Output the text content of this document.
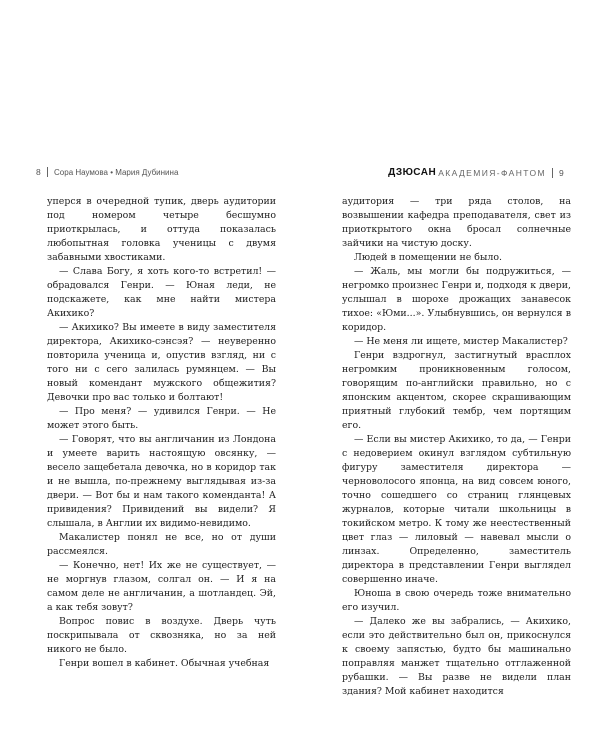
8 Сора Наумова • Мария Дубинина

уперся в очередной тупик, дверь аудитории под номером четыре бесшумно приоткрылась, и оттуда показалась любопытная головка ученицы с двумя забавными хвостиками.

— Слава Богу, я хоть кого-то встретил! — обрадовался Генри. — Юная леди, не подскажете, как мне найти мистера Акихико?

— Акихико? Вы имеете в виду заместителя директора, Акихико-сэнсэя? — неуверенно повторила ученица и, опустив взгляд, ни с того ни с сего залилась румянцем. — Вы новый комендант мужского общежития? Девочки про вас только и болтают!

— Про меня? — удивился Генри. — Не может этого быть.

— Говорят, что вы англичанин из Лондона и умеете варить настоящую овсянку, — весело защебетала девочка, но в коридор так и не вышла, по-прежнему выглядывая из-за двери. — Вот бы и нам такого коменданта! А привидения? Привидений вы видели? Я слышала, в Англии их видимо-невидимо.

Макалистер понял не все, но от души рассмеялся.

— Конечно, нет! Их же не существует, — не моргнув глазом, солгал он. — И я на самом деле не англичанин, а шотландец. Эй, а как тебя зовут?

Вопрос повис в воздухе. Дверь чуть поскрипывала от сквозняка, но за ней никого не было.

Генри вошел в кабинет. Обычная учебная

ДЗЮСАН АКАДЕМИЯ-ФАНТОМ 9

аудитория — три ряда столов, на возвышении кафедра преподавателя, свет из приоткрытого окна бросал солнечные зайчики на чистую доску.

Людей в помещении не было.

— Жаль, мы могли бы подружиться, — негромко произнес Генри и, подходя к двери, услышал в шорохе дрожащих занавесок тихое: «Юми...». Улыбнувшись, он вернулся в коридор.

— Не меня ли ищете, мистер Макалистер?

Генри вздрогнул, застигнутый врасплох негромким проникновенным голосом, говорящим по-английски правильно, но с японским акцентом, скорее скрашивающим приятный глубокий тембр, чем портящим его.

— Если вы мистер Акихико, то да, — Генри с недоверием окинул взглядом субтильную фигуру заместителя директора — черноволосого японца, на вид совсем юного, точно сошедшего со страниц глянцевых журналов, которые читали школьницы в токийском метро. К тому же неестественный цвет глаз — лиловый — навевал мысли о линзах. Определенно, заместитель директора в представлении Генри выглядел совершенно иначе.

Юноша в свою очередь тоже внимательно его изучил.

— Далеко же вы забрались, — Акихико, если это действительно был он, прикоснулся к своему запястью, будто бы машинально поправляя манжет тщательно отглаженной рубашки. — Вы разве не видели план здания? Мой кабинет находится
